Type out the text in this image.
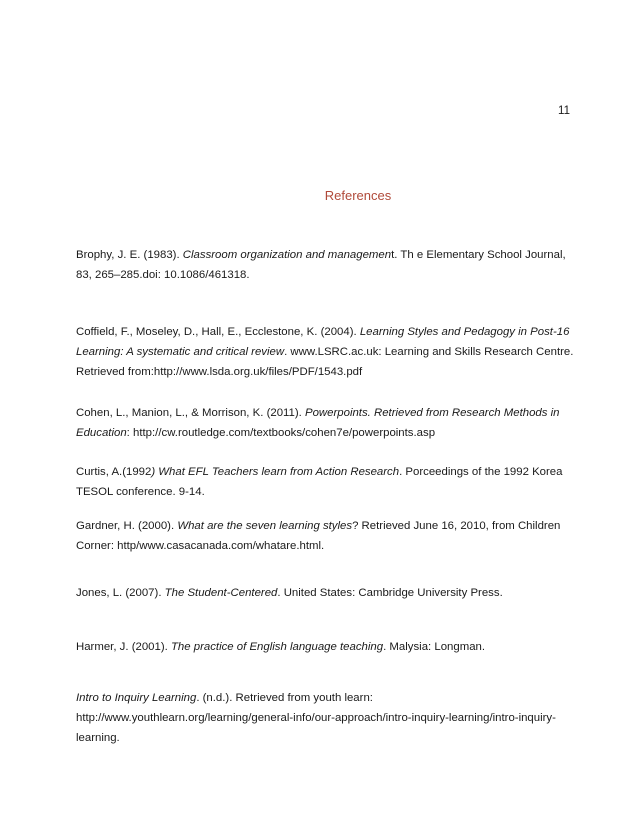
11
References

Brophy, J. E. (1983). Classroom organization and management. Th e Elementary School Journal, 83, 265–285.doi: 10.1086/461318.

Coffield, F., Moseley, D., Hall, E., Ecclestone, K. (2004). Learning Styles and Pedagogy in Post-16 Learning: A systematic and critical review. www.LSRC.ac.uk: Learning and Skills Research Centre. Retrieved from:http://www.lsda.org.uk/files/PDF/1543.pdf

Cohen, L., Manion, L., & Morrison, K. (2011). Powerpoints. Retrieved from Research Methods in Education: http://cw.routledge.com/textbooks/cohen7e/powerpoints.asp

Curtis, A.(1992) What EFL Teachers learn from Action Research. Porceedings of the 1992 Korea TESOL conference. 9-14.

Gardner, H. (2000). What are the seven learning styles? Retrieved June 16, 2010, from Children Corner: http/www.casacanada.com/whatare.html.

Jones, L. (2007). The Student-Centered. United States: Cambridge University Press.

Harmer, J. (2001). The practice of English language teaching. Malysia: Longman.

Intro to Inquiry Learning. (n.d.). Retrieved from youth learn: http://www.youthlearn.org/learning/general-info/our-approach/intro-inquiry-learning/intro-inquiry-learning.
